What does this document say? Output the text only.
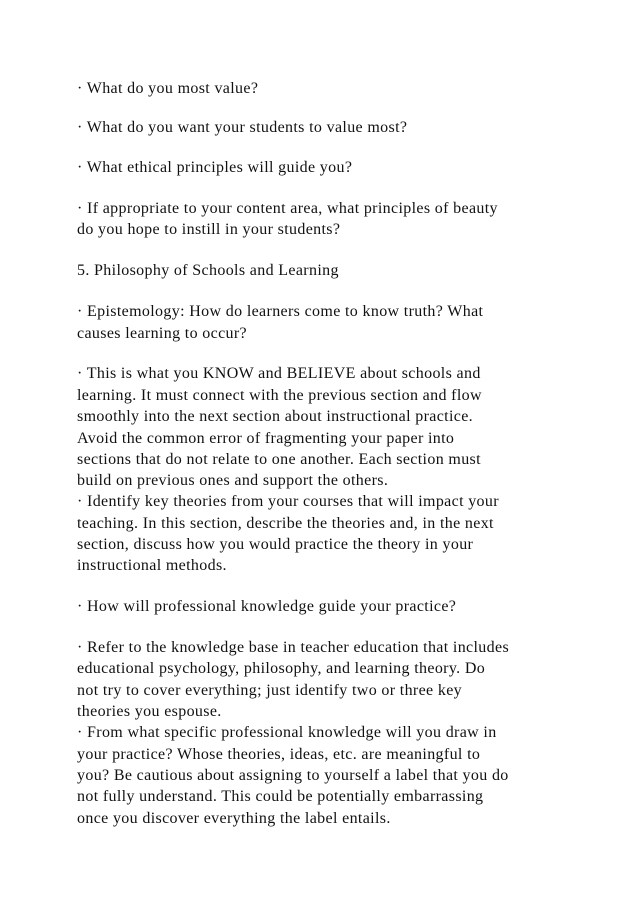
· What do you most value?
· What do you want your students to value most?
· What ethical principles will guide you?
· If appropriate to your content area, what principles of beauty
do you hope to instill in your students?
5. Philosophy of Schools and Learning
· Epistemology: How do learners come to know truth? What
causes learning to occur?
· This is what you KNOW and BELIEVE about schools and
learning. It must connect with the previous section and flow
smoothly into the next section about instructional practice.
Avoid the common error of fragmenting your paper into
sections that do not relate to one another. Each section must
build on previous ones and support the others.
· Identify key theories from your courses that will impact your
teaching. In this section, describe the theories and, in the next
section, discuss how you would practice the theory in your
instructional methods.
· How will professional knowledge guide your practice?
· Refer to the knowledge base in teacher education that includes
educational psychology, philosophy, and learning theory. Do
not try to cover everything; just identify two or three key
theories you espouse.
· From what specific professional knowledge will you draw in
your practice? Whose theories, ideas, etc. are meaningful to
you? Be cautious about assigning to yourself a label that you do
not fully understand. This could be potentially embarrassing
once you discover everything the label entails.
